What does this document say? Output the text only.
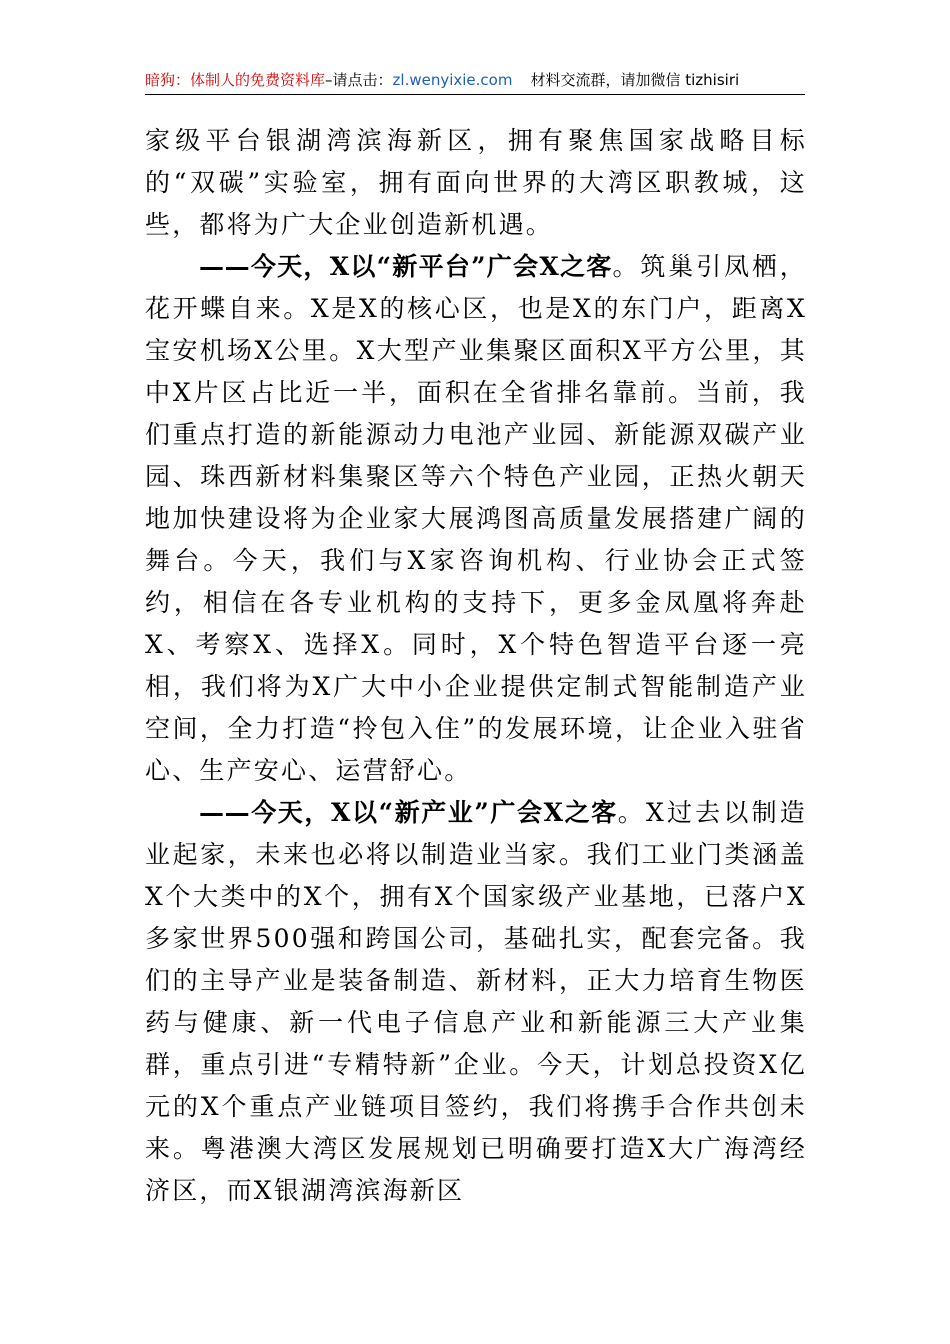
暗狗：体制人的免费资料库–请点击：zl.wenyixie.com 材料交流群，请加微信 tizhisiri

家级平台银湖湾滨海新区，拥有聚焦国家战略目标的“双碳”实验室，拥有面向世界的大湾区职教城，这些，都将为广大企业创造新机遇。

——今天，X以“新平台”广会X之客。筑巢引凤栖，花开蝶自来。X是X的核心区，也是X的东门户，距离X宝安机场X公里。X大型产业集聚区面积X平方公里，其中X片区占比近一半，面积在全省排名靠前。当前，我们重点打造的新能源动力电池产业园、新能源双碳产业园、珠西新材料集聚区等六个特色产业园，正热火朝天地加快建设将为企业家大展鸿图高质量发展搭建广阔的舞台。今天，我们与X家咨询机构、行业协会正式签约，相信在各专业机构的支持下，更多金凤凰将奔赴X、考察X、选择X。同时，X个特色智造平台逐一亮相，我们将为X广大中小企业提供定制式智能制造产业空间，全力打造“拎包入住”的发展环境，让企业入驻省心、生产安心、运营舒心。

——今天，X以“新产业”广会X之客。X过去以制造业起家，未来也必将以制造业当家。我们工业门类涵盖X个大类中的X个，拥有X个国家级产业基地，已落户X多家世界500强和跨国公司，基础扎实，配套完备。我们的主导产业是装备制造、新材料，正大力培育生物医药与健康、新一代电子信息产业和新能源三大产业集群，重点引进“专精特新”企业。今天，计划总投资X亿元的X个重点产业链项目签约，我们将携手合作共创未来。粤港澳大湾区发展规划已明确要打造X大广海湾经济区，而X银湖湾滨海新区
